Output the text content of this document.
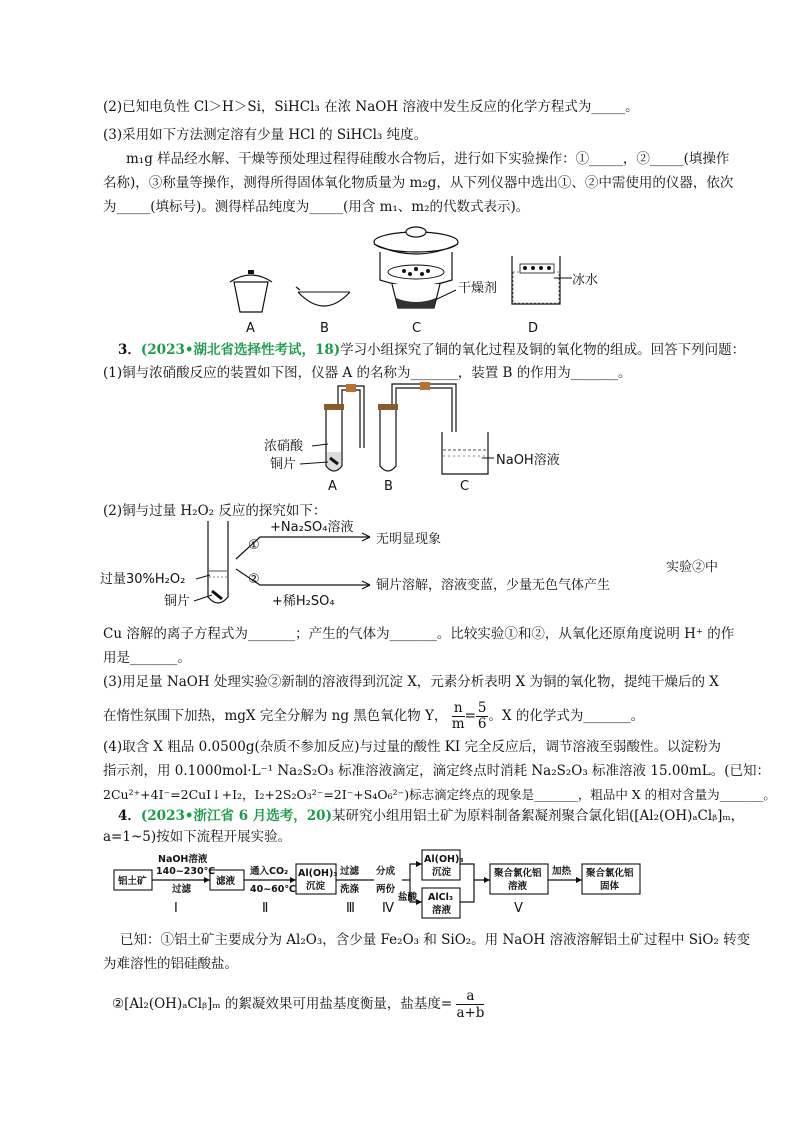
(2)已知电负性 Cl＞H＞Si，SiHCl₃ 在浓 NaOH 溶液中发生反应的化学方程式为_____。
(3)采用如下方法测定溶有少量 HCl 的 SiHCl₃ 纯度。
m₁g 样品经水解、干燥等预处理过程得硅酸水合物后，进行如下实验操作：①_____，②_____(填操作
名称)，③称量等操作，测得所得固体氧化物质量为 m₂g，从下列仪器中选出①、②中需使用的仪器，依次
为_____(填标号)。测得样品纯度为_____(用含 m₁、m₂的代数式表示)。
A	B
干燥剂
C
冰水
D
3．(2023•湖北省选择性考试，18)学习小组探究了铜的氧化过程及铜的氧化物的组成。回答下列问题：
(1)铜与浓硝酸反应的装置如下图，仪器 A 的名称为_______，装置 B 的作用为_______。
浓硝酸
铜片	NaOH溶液
A	B	C
(2)铜与过量 H₂O₂ 反应的探究如下：
过量30%H₂O₂
铜片
①
②
+Na₂SO₄溶液
+稀H₂SO₄
无明显现象
铜片溶解，溶液变蓝，少量无色气体产生
实验②中
Cu 溶解的离子方程式为_______；产生的气体为_______。比较实验①和②，从氧化还原角度说明 H⁺ 的作
用是_______。
(3)用足量 NaOH 处理实验②新制的溶液得到沉淀 X，元素分析表明 X 为铜的氧化物，提纯干燥后的 X
在惰性氛围下加热，mgX 完全分解为 ng 黑色氧化物 Y， $\frac{n}{m} = \frac{5}{6}$ 。X 的化学式为_______。
(4)取含 X 粗品 0.0500g(杂质不参加反应)与过量的酸性 KI 完全反应后，调节溶液至弱酸性。以淀粉为
指示剂，用 0.1000mol·L⁻¹ Na₂S₂O₃ 标准溶液滴定，滴定终点时消耗 Na₂S₂O₃ 标准溶液 15.00mL。(已知：
2Cu²⁺+4I⁻=2CuI↓+I₂，I₂+2S₂O₃²⁻=2I⁻+S₄O₆²⁻)标志滴定终点的现象是_______，粗品中 X 的相对含量为_______。
4．(2023•浙江省 6 月选考，20)某研究小组用铝土矿为原料制备絮凝剂聚合氯化铝([Al₂(OH)ₐClᵦ]ₘ，
a=1~5)按如下流程开展实验。
铝土矿
NaOH溶液
140~230℃
过滤
Ⅰ
滤液
通入CO₂
40~60℃
Ⅱ
Al(OH)₃
沉淀
过滤
洗涤
Ⅲ
分成
两份
Ⅳ
盐酸
Al(OH)₃
沉淀
AlCl₃
溶液
聚合氯化铝
溶液
Ⅴ
加热 聚合氯化铝
固体
已知：①铝土矿主要成分为 Al₂O₃，含少量 Fe₂O₃ 和 SiO₂。用 NaOH 溶液溶解铝土矿过程中 SiO₂ 转变
为难溶性的铝硅酸盐。
②[Al₂(OH)ₐClᵦ]ₘ 的絮凝效果可用盐基度衡量，盐基度= $\frac{a}{a+b}$
